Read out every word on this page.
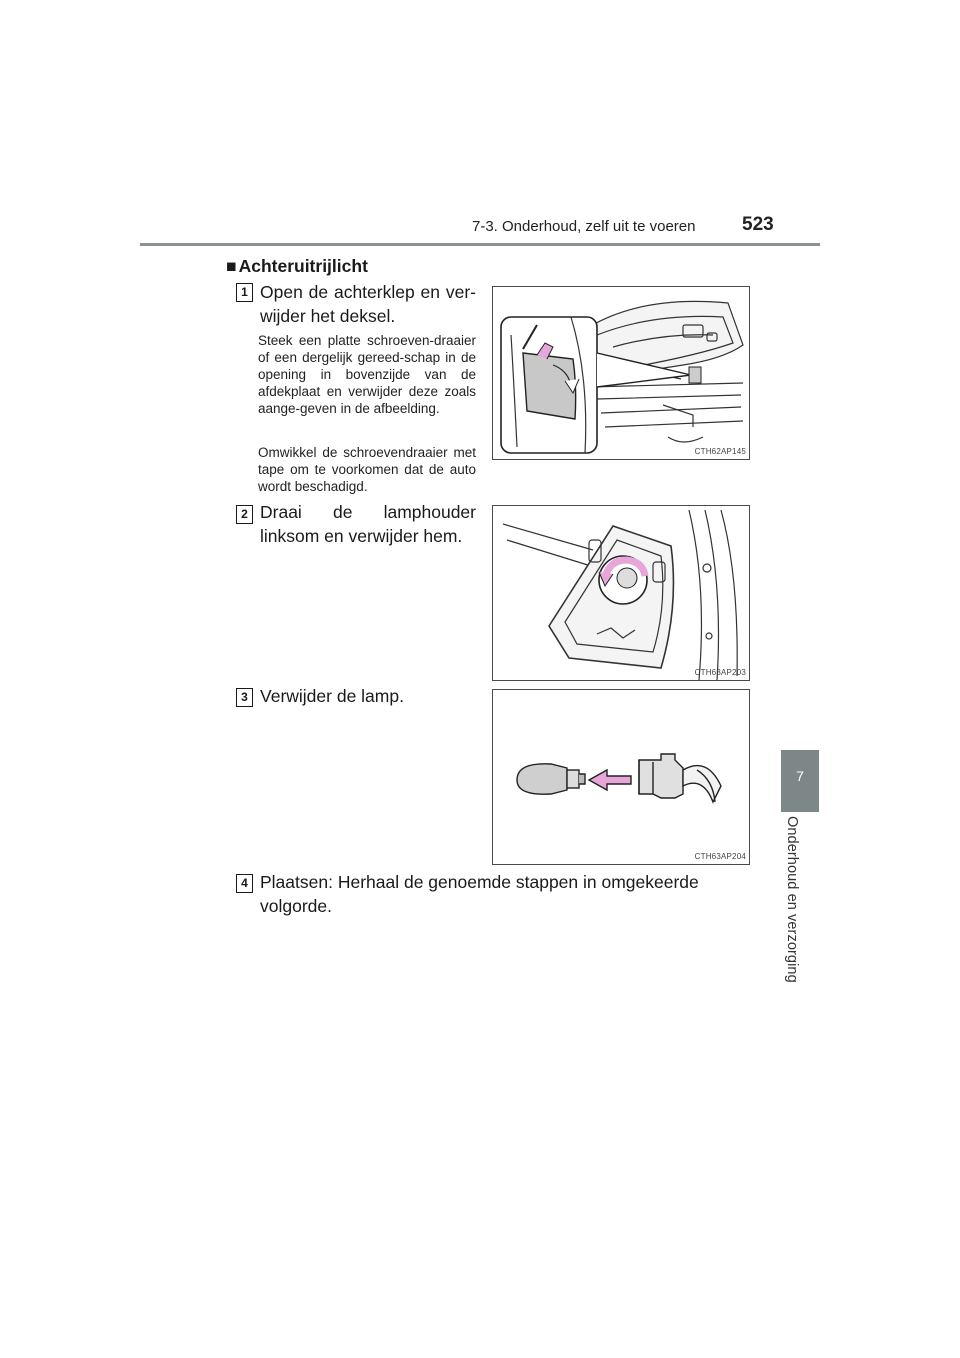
7-3. Onderhoud, zelf uit te voeren 523
7
Onderhoud en verzorging
■ Achteruitrijlicht
1 Open de achterklep en ver-wijder het deksel.
Steek een platte schroeven-draaier of een dergelijk gereed-schap in de opening in bovenzijde van de afdekplaat en verwijder deze zoals aange-geven in de afbeelding.
Omwikkel de schroevendraaier met tape om te voorkomen dat de auto wordt beschadigd.
CTH62AP145
2 Draai de lamphouder linksom en verwijder hem.
CTH63AP203
3 Verwijder de lamp.
CTH63AP204
4 Plaatsen: Herhaal de genoemde stappen in omgekeerde volgorde.
